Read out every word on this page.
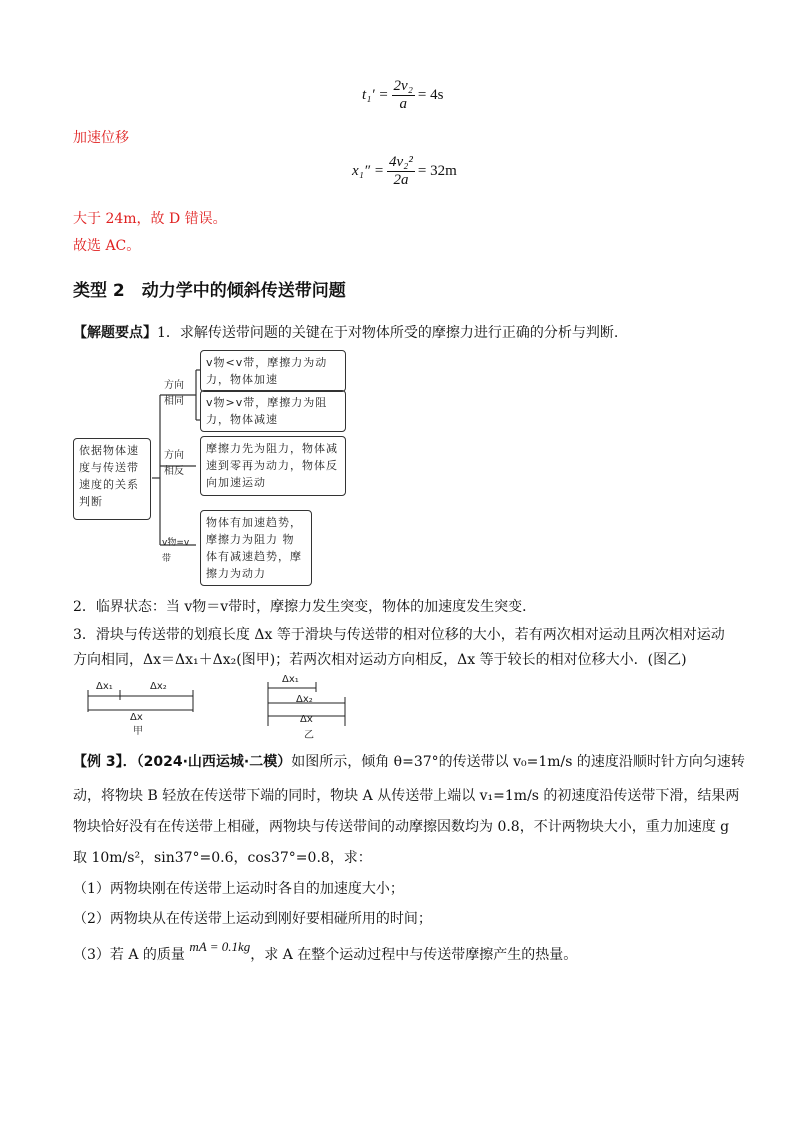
$t_1' = \frac{\text{2v₂}}{a} = 4s$
加速位移
$x_1'' = \frac{\text{4v₂²}}{2a} = 32m$
大于 24m，故 D 错误。
故选 AC。
类型 2　动力学中的倾斜传送带问题
【解题要点】1．求解传送带问题的关键在于对物体所受的摩擦力进行正确的分析与判断.
依据物体速度与传送带速度的关系判断
方向相同
方向相反
v物=v带
v物<v带，摩擦力为动力，物体加速
v物>v带，摩擦力为阻力，物体减速
摩擦力先为阻力，物体减速到零再为动力，物体反向加速运动
物体有加速趋势，摩擦力为阻力 物体有减速趋势，摩擦力为动力
2．临界状态：当 v物＝v带时，摩擦力发生突变，物体的加速度发生突变．
3．滑块与传送带的划痕长度 Δx 等于滑块与传送带的相对位移的大小，若有两次相对运动且两次相对运动
方向相同，Δx＝Δx₁＋Δx₂(图甲)；若两次相对运动方向相反，Δx 等于较长的相对位移大小．(图乙)
Δx₁	Δx₂
Δx
甲
Δx₁
Δx₂
Δx
乙
【例 3】．（2024·山西运城·二模）如图所示，倾角 θ=37°的传送带以 v₀=1m/s 的速度沿顺时针方向匀速转
动，将物块 B 轻放在传送带下端的同时，物块 A 从传送带上端以 v₁=1m/s 的初速度沿传送带下滑，结果两
物块恰好没有在传送带上相碰，两物块与传送带间的动摩擦因数均为 0.8，不计两物块大小，重力加速度 g
取 10m/s²，sin37°=0.6，cos37°=0.8，求：
（1）两物块刚在传送带上运动时各自的加速度大小；
（2）两物块从在传送带上运动到刚好要相碰所用的时间；
（3）若 A 的质量 mA = 0.1kg，求 A 在整个运动过程中与传送带摩擦产生的热量。
